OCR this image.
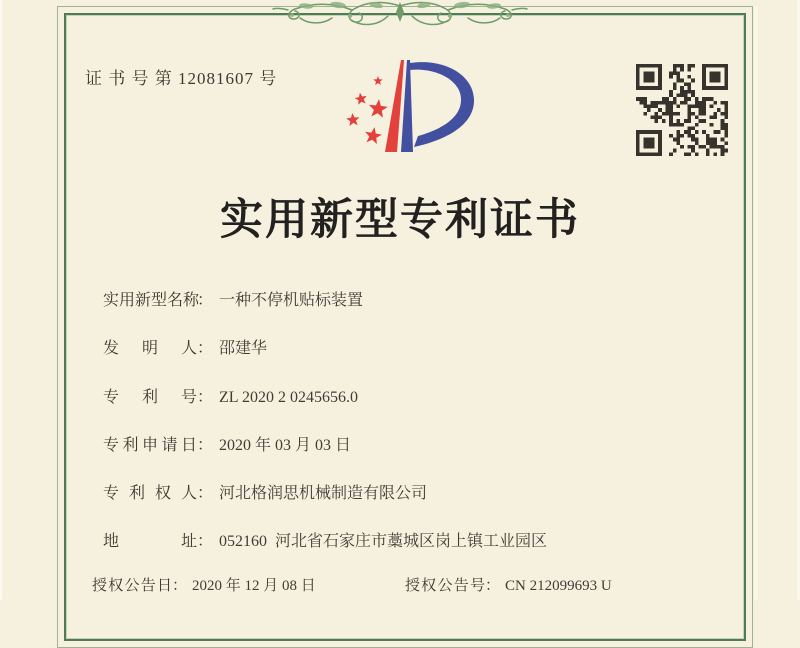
证 书 号 第 12081607 号
实用新型专利证书
实用新型名称： 一种不停机贴标装置
发明人： 邵建华
专利号： ZL 2020 2 0245656.0
专利申请日： 2020 年 03 月 03 日
专利权人： 河北格润思机械制造有限公司
地址： 052160  河北省石家庄市藁城区岗上镇工业园区
授权公告日： 2020 年 12 月 08 日	授权公告号： CN 212099693 U
